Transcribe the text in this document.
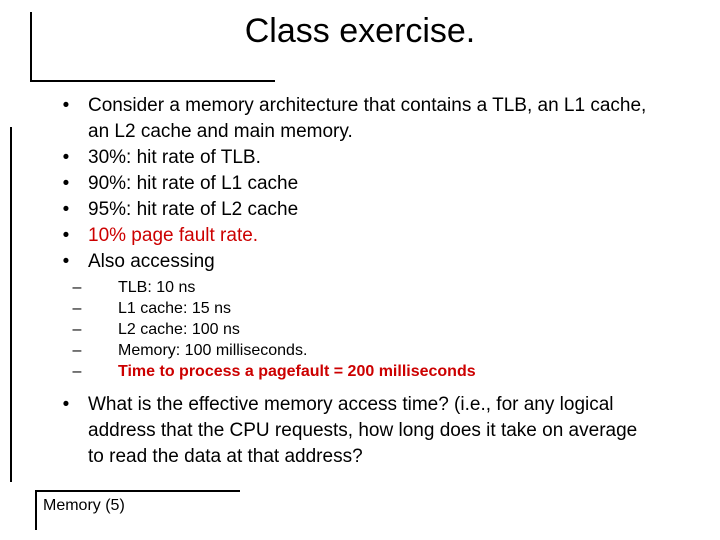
Class exercise.
• Consider a memory architecture that contains a TLB, an L1 cache, an L2 cache and main memory.
• 30%: hit rate of TLB.
• 90%: hit rate of L1 cache
• 95%: hit rate of L2 cache
• 10% page fault rate.
• Also accessing
– TLB: 10 ns
– L1 cache: 15 ns
– L2 cache: 100 ns
– Memory: 100 milliseconds.
– Time to process a pagefault = 200 milliseconds
• What is the effective memory access time? (i.e., for any logical address that the CPU requests, how long does it take on average to read the data at that address?
Memory (5)
